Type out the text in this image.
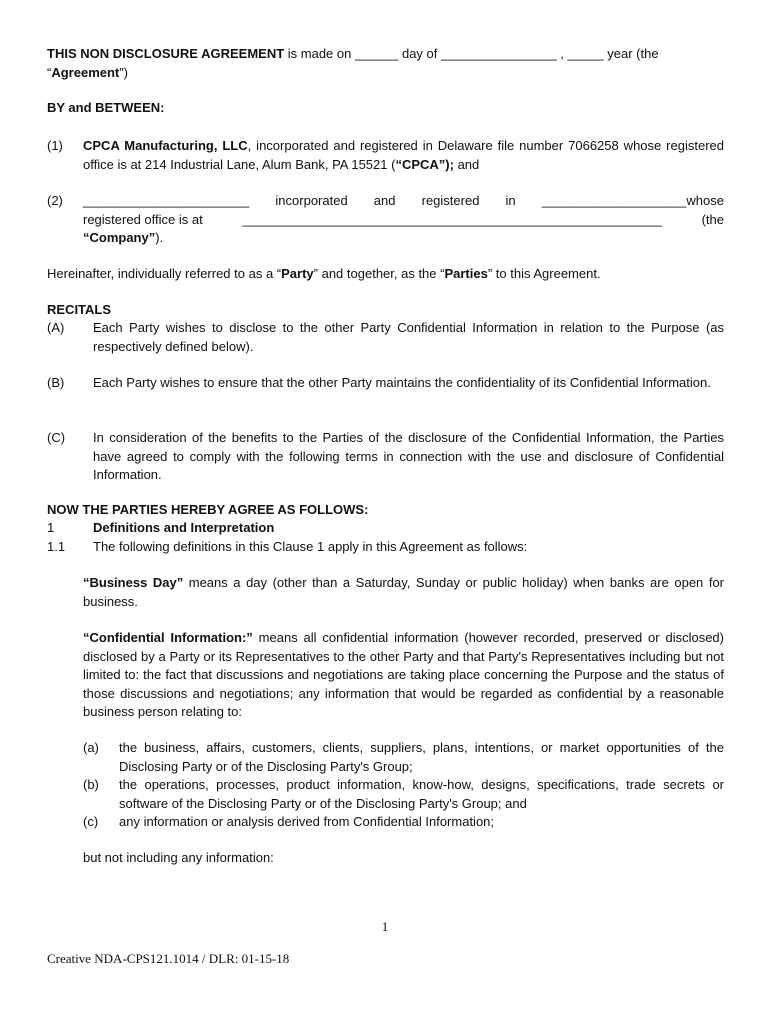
THIS NON DISCLOSURE AGREEMENT is made on ______ day of ________________ , _____ year (the
“Agreement”)
BY and BETWEEN:
(1) CPCA Manufacturing, LLC, incorporated and registered in Delaware file number 7066258 whose registered office is at 214 Industrial Lane, Alum Bank, PA 15521 (“CPCA”); and
(2) _______________________ incorporated and registered in ____________________whose
registered office is at	__________________________________________________________	(the
“Company”).
Hereinafter, individually referred to as a “Party” and together, as the “Parties” to this Agreement.
RECITALS
(A) Each Party wishes to disclose to the other Party Confidential Information in relation to the Purpose (as respectively defined below).
(B) Each Party wishes to ensure that the other Party maintains the confidentiality of its Confidential Information.
(C) In consideration of the benefits to the Parties of the disclosure of the Confidential Information, the Parties have agreed to comply with the following terms in connection with the use and disclosure of Confidential Information.
NOW THE PARTIES HEREBY AGREE AS FOLLOWS:
1	Definitions and Interpretation
1.1 The following definitions in this Clause 1 apply in this Agreement as follows:
“Business Day” means a day (other than a Saturday, Sunday or public holiday) when banks are open for business.
“Confidential Information:” means all confidential information (however recorded, preserved or disclosed) disclosed by a Party or its Representatives to the other Party and that Party's Representatives including but not limited to: the fact that discussions and negotiations are taking place concerning the Purpose and the status of those discussions and negotiations; any information that would be regarded as confidential by a reasonable business person relating to:
(a) the business, affairs, customers, clients, suppliers, plans, intentions, or market opportunities of the Disclosing Party or of the Disclosing Party's Group;
(b) the operations, processes, product information, know-how, designs, specifications, trade secrets or software of the Disclosing Party or of the Disclosing Party's Group; and
(c) any information or analysis derived from Confidential Information;
but not including any information:
1
Creative NDA-CPS121.1014 / DLR: 01-15-18
